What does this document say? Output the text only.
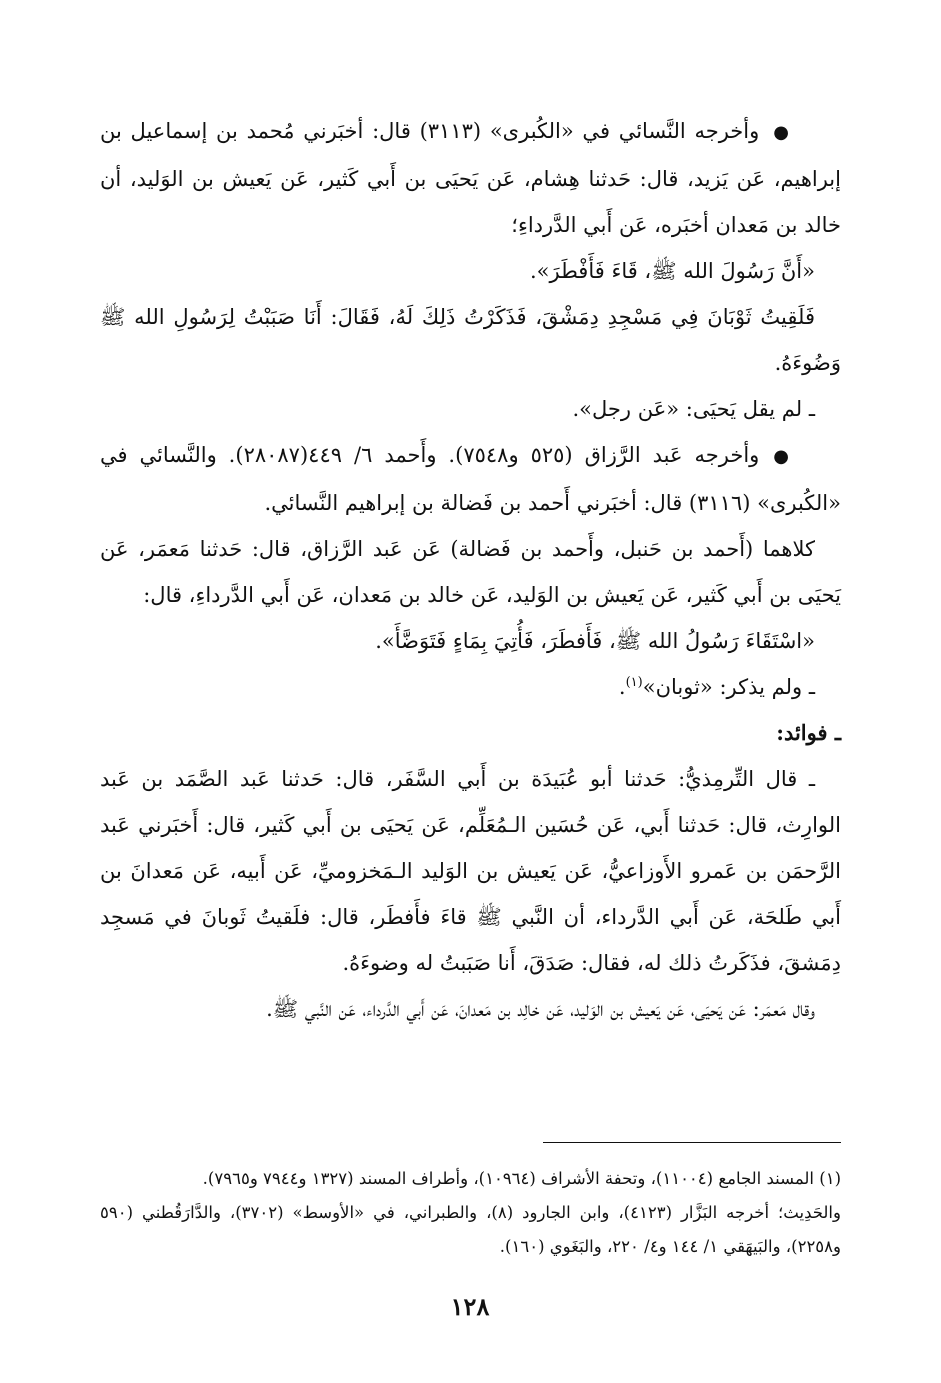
●وأخرجه النَّسائي في «الكُبرى» (٣١١٣) قال: أخبَرني مُحمد بن إسماعيل بن إبراهيم، عَن يَزيد، قال: حَدثنا هِشام، عَن يَحيَى بن أَبي كَثير، عَن يَعيش بن الوَليد، أن خالد بن مَعدان أخبَره، عَن أَبي الدَّرداءِ؛

«أَنَّ رَسُولَ الله ﷺ، قَاءَ فَأَفْطَرَ».

فَلَقِيتُ ثَوْبَانَ فِي مَسْجِدِ دِمَشْقَ، فَذَكَرْتُ ذَلِكَ لَهُ، فَقَالَ: أَنَا صَبَبْتُ لِرَسُولِ الله ﷺ وَضُوءَهُ.

ـ لم يقل يَحيَى: «عَن رجل».

●وأخرجه عَبد الرَّزاق (٥٢٥ و٧٥٤٨). وأَحمد ٦/ ٤٤٩(٢٨٠٨٧). والنَّسائي في «الكُبرى» (٣١١٦) قال: أخبَرني أَحمد بن فَضالة بن إبراهيم النَّسائي.

كلاهما (أَحمد بن حَنبل، وأَحمد بن فَضالة) عَن عَبد الرَّزاق، قال: حَدثنا مَعمَر، عَن يَحيَى بن أَبي كَثير، عَن يَعيش بن الوَليد، عَن خالد بن مَعدان، عَن أَبي الدَّرداءِ، قال:

«اسْتَقَاءَ رَسُولُ الله ﷺ، فَأَفطَرَ، فَأُتِيَ بِمَاءٍ فَتَوَضَّأَ».

ـ ولم يذكر: «ثوبان»$^{(١)}$.

ـ فوائد:

ـ قال التِّرمِذيُّ: حَدثنا أبو عُبَيدَة بن أَبي السَّفَر، قال: حَدثنا عَبد الصَّمَد بن عَبد الوارِث، قال: حَدثنا أَبي، عَن حُسَين الـمُعَلِّم، عَن يَحيَى بن أَبي كَثير، قال: أَخبَرني عَبد الرَّحمَن بن عَمرو الأَوزاعيُّ، عَن يَعيش بن الوَليد الـمَخزوميِّ، عَن أَبيه، عَن مَعدانَ بن أَبي طَلحَة، عَن أَبي الدَّرداء، أن النَّبي ﷺ قاءَ فأَفطَر، قال: فلَقيتُ ثَوبانَ في مَسجِد دِمَشقَ، فذَكَرتُ ذلك له، فقال: صَدَقَ، أَنا صَبَبتُ له وضوءَهُ.

وقال مَعمَر: عَن يَحيَى، عَن يَعيش بن الوَليد، عَن خالِد بن مَعدانَ، عَن أَبي الدَّرداء، عَن النَّبي ﷺ.

(١) المسند الجامع (١١٠٠٤)، وتحفة الأشراف (١٠٩٦٤)، وأطراف المسند (١٣٢٧ و٧٩٤٤ و٧٩٦٥).

والحَدِيث؛ أخرجه البَزَّار (٤١٢٣)، وابن الجارود (٨)، والطبراني، في «الأوسط» (٣٧٠٢)، والدَّارَقُطني (٥٩٠ و٢٢٥٨)، والبَيهَقي ١/ ١٤٤ و٤/ ٢٢٠، والبَغَوي (١٦٠).

١٢٨
